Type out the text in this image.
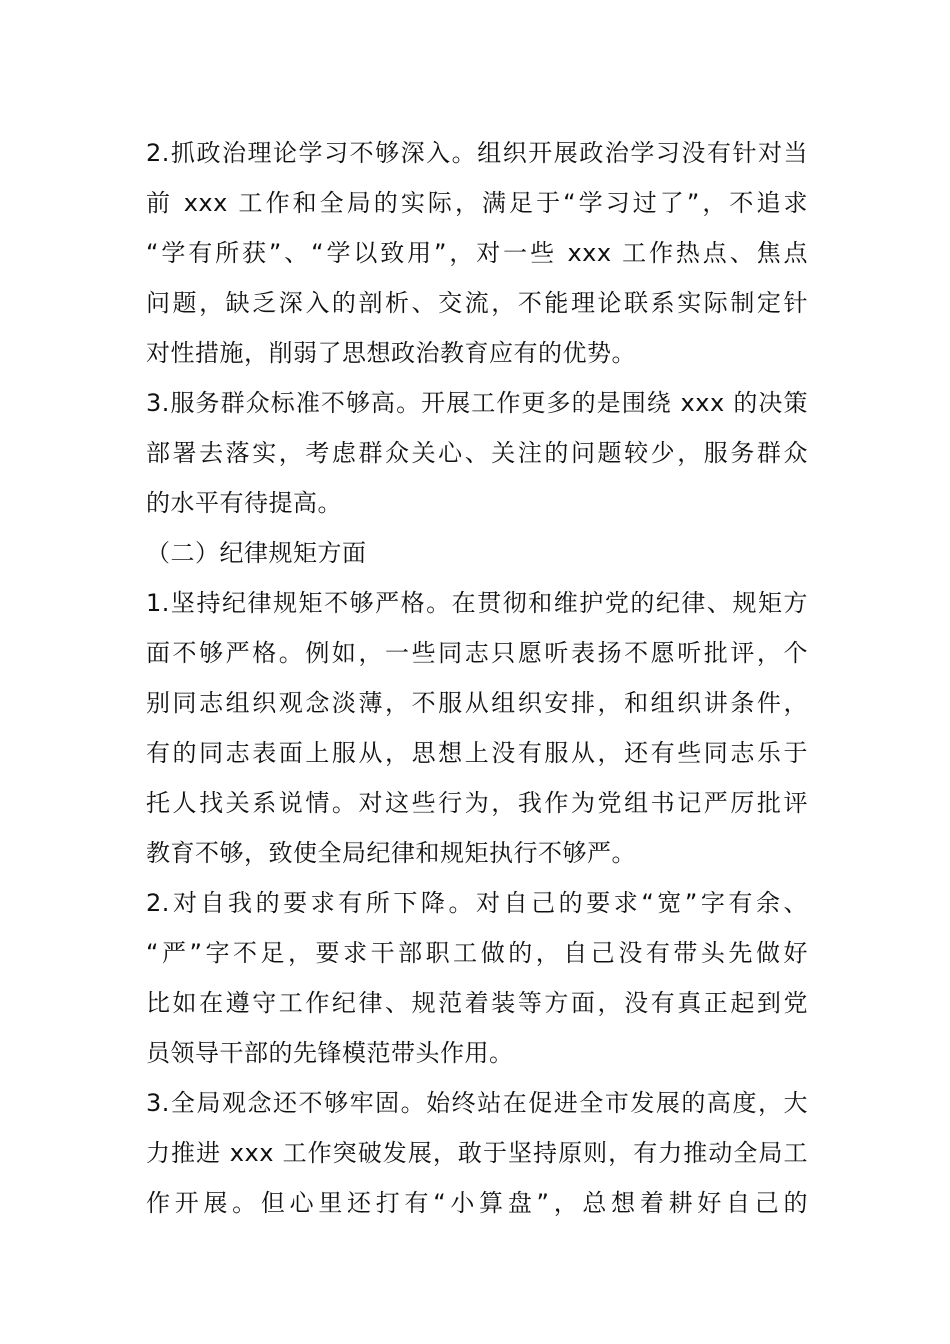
2.抓政治理论学习不够深入。组织开展政治学习没有针对当
前 xxx 工作和全局的实际，满足于“学习过了”，不追求
“学有所获”、“学以致用”，对一些 xxx 工作热点、焦点
问题，缺乏深入的剖析、交流，不能理论联系实际制定针
对性措施，削弱了思想政治教育应有的优势。
3.服务群众标准不够高。开展工作更多的是围绕 xxx 的决策
部署去落实，考虑群众关心、关注的问题较少，服务群众
的水平有待提高。
（二）纪律规矩方面
1.坚持纪律规矩不够严格。在贯彻和维护党的纪律、规矩方
面不够严格。例如，一些同志只愿听表扬不愿听批评，个
别同志组织观念淡薄，不服从组织安排，和组织讲条件，
有的同志表面上服从，思想上没有服从，还有些同志乐于
托人找关系说情。对这些行为，我作为党组书记严厉批评
教育不够，致使全局纪律和规矩执行不够严。
2.对自我的要求有所下降。对自己的要求“宽”字有余、
“严”字不足，要求干部职工做的，自己没有带头先做好
比如在遵守工作纪律、规范着装等方面，没有真正起到党
员领导干部的先锋模范带头作用。
3.全局观念还不够牢固。始终站在促进全市发展的高度，大
力推进 xxx 工作突破发展，敢于坚持原则，有力推动全局工
作开展。但心里还打有“小算盘”，总想着耕好自己的
